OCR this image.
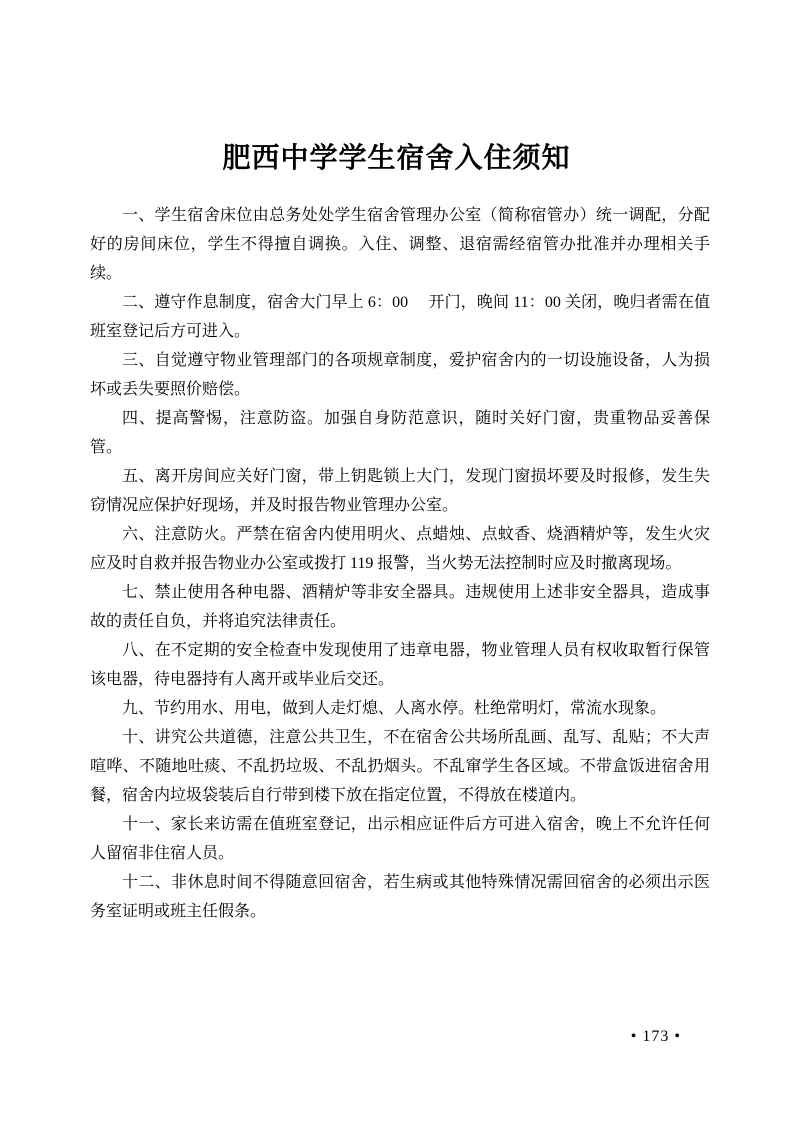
肥西中学学生宿舍入住须知

一、学生宿舍床位由总务处处学生宿舍管理办公室（简称宿管办）统一调配，分配好的房间床位，学生不得擅自调换。入住、调整、退宿需经宿管办批准并办理相关手续。

二、遵守作息制度，宿舍大门早上 6：00　 开门，晚间 11：00 关闭，晚归者需在值班室登记后方可进入。

三、自觉遵守物业管理部门的各项规章制度，爱护宿舍内的一切设施设备，人为损坏或丢失要照价赔偿。

四、提高警惕，注意防盗。加强自身防范意识，随时关好门窗，贵重物品妥善保管。

五、离开房间应关好门窗，带上钥匙锁上大门，发现门窗损坏要及时报修，发生失窃情况应保护好现场，并及时报告物业管理办公室。

六、注意防火。严禁在宿舍内使用明火、点蜡烛、点蚊香、烧酒精炉等，发生火灾应及时自救并报告物业办公室或拨打 119 报警，当火势无法控制时应及时撤离现场。

七、禁止使用各种电器、酒精炉等非安全器具。违规使用上述非安全器具，造成事故的责任自负，并将追究法律责任。

八、在不定期的安全检查中发现使用了违章电器，物业管理人员有权收取暂行保管该电器，待电器持有人离开或毕业后交还。

九、节约用水、用电，做到人走灯熄、人离水停。杜绝常明灯，常流水现象。

十、讲究公共道德，注意公共卫生，不在宿舍公共场所乱画、乱写、乱贴；不大声喧哗、不随地吐痰、不乱扔垃圾、不乱扔烟头。不乱窜学生各区域。不带盒饭进宿舍用餐，宿舍内垃圾袋装后自行带到楼下放在指定位置，不得放在楼道内。

十一、家长来访需在值班室登记，出示相应证件后方可进入宿舍，晚上不允许任何人留宿非住宿人员。

十二、非休息时间不得随意回宿舍，若生病或其他特殊情况需回宿舍的必须出示医务室证明或班主任假条。

• 173 •
